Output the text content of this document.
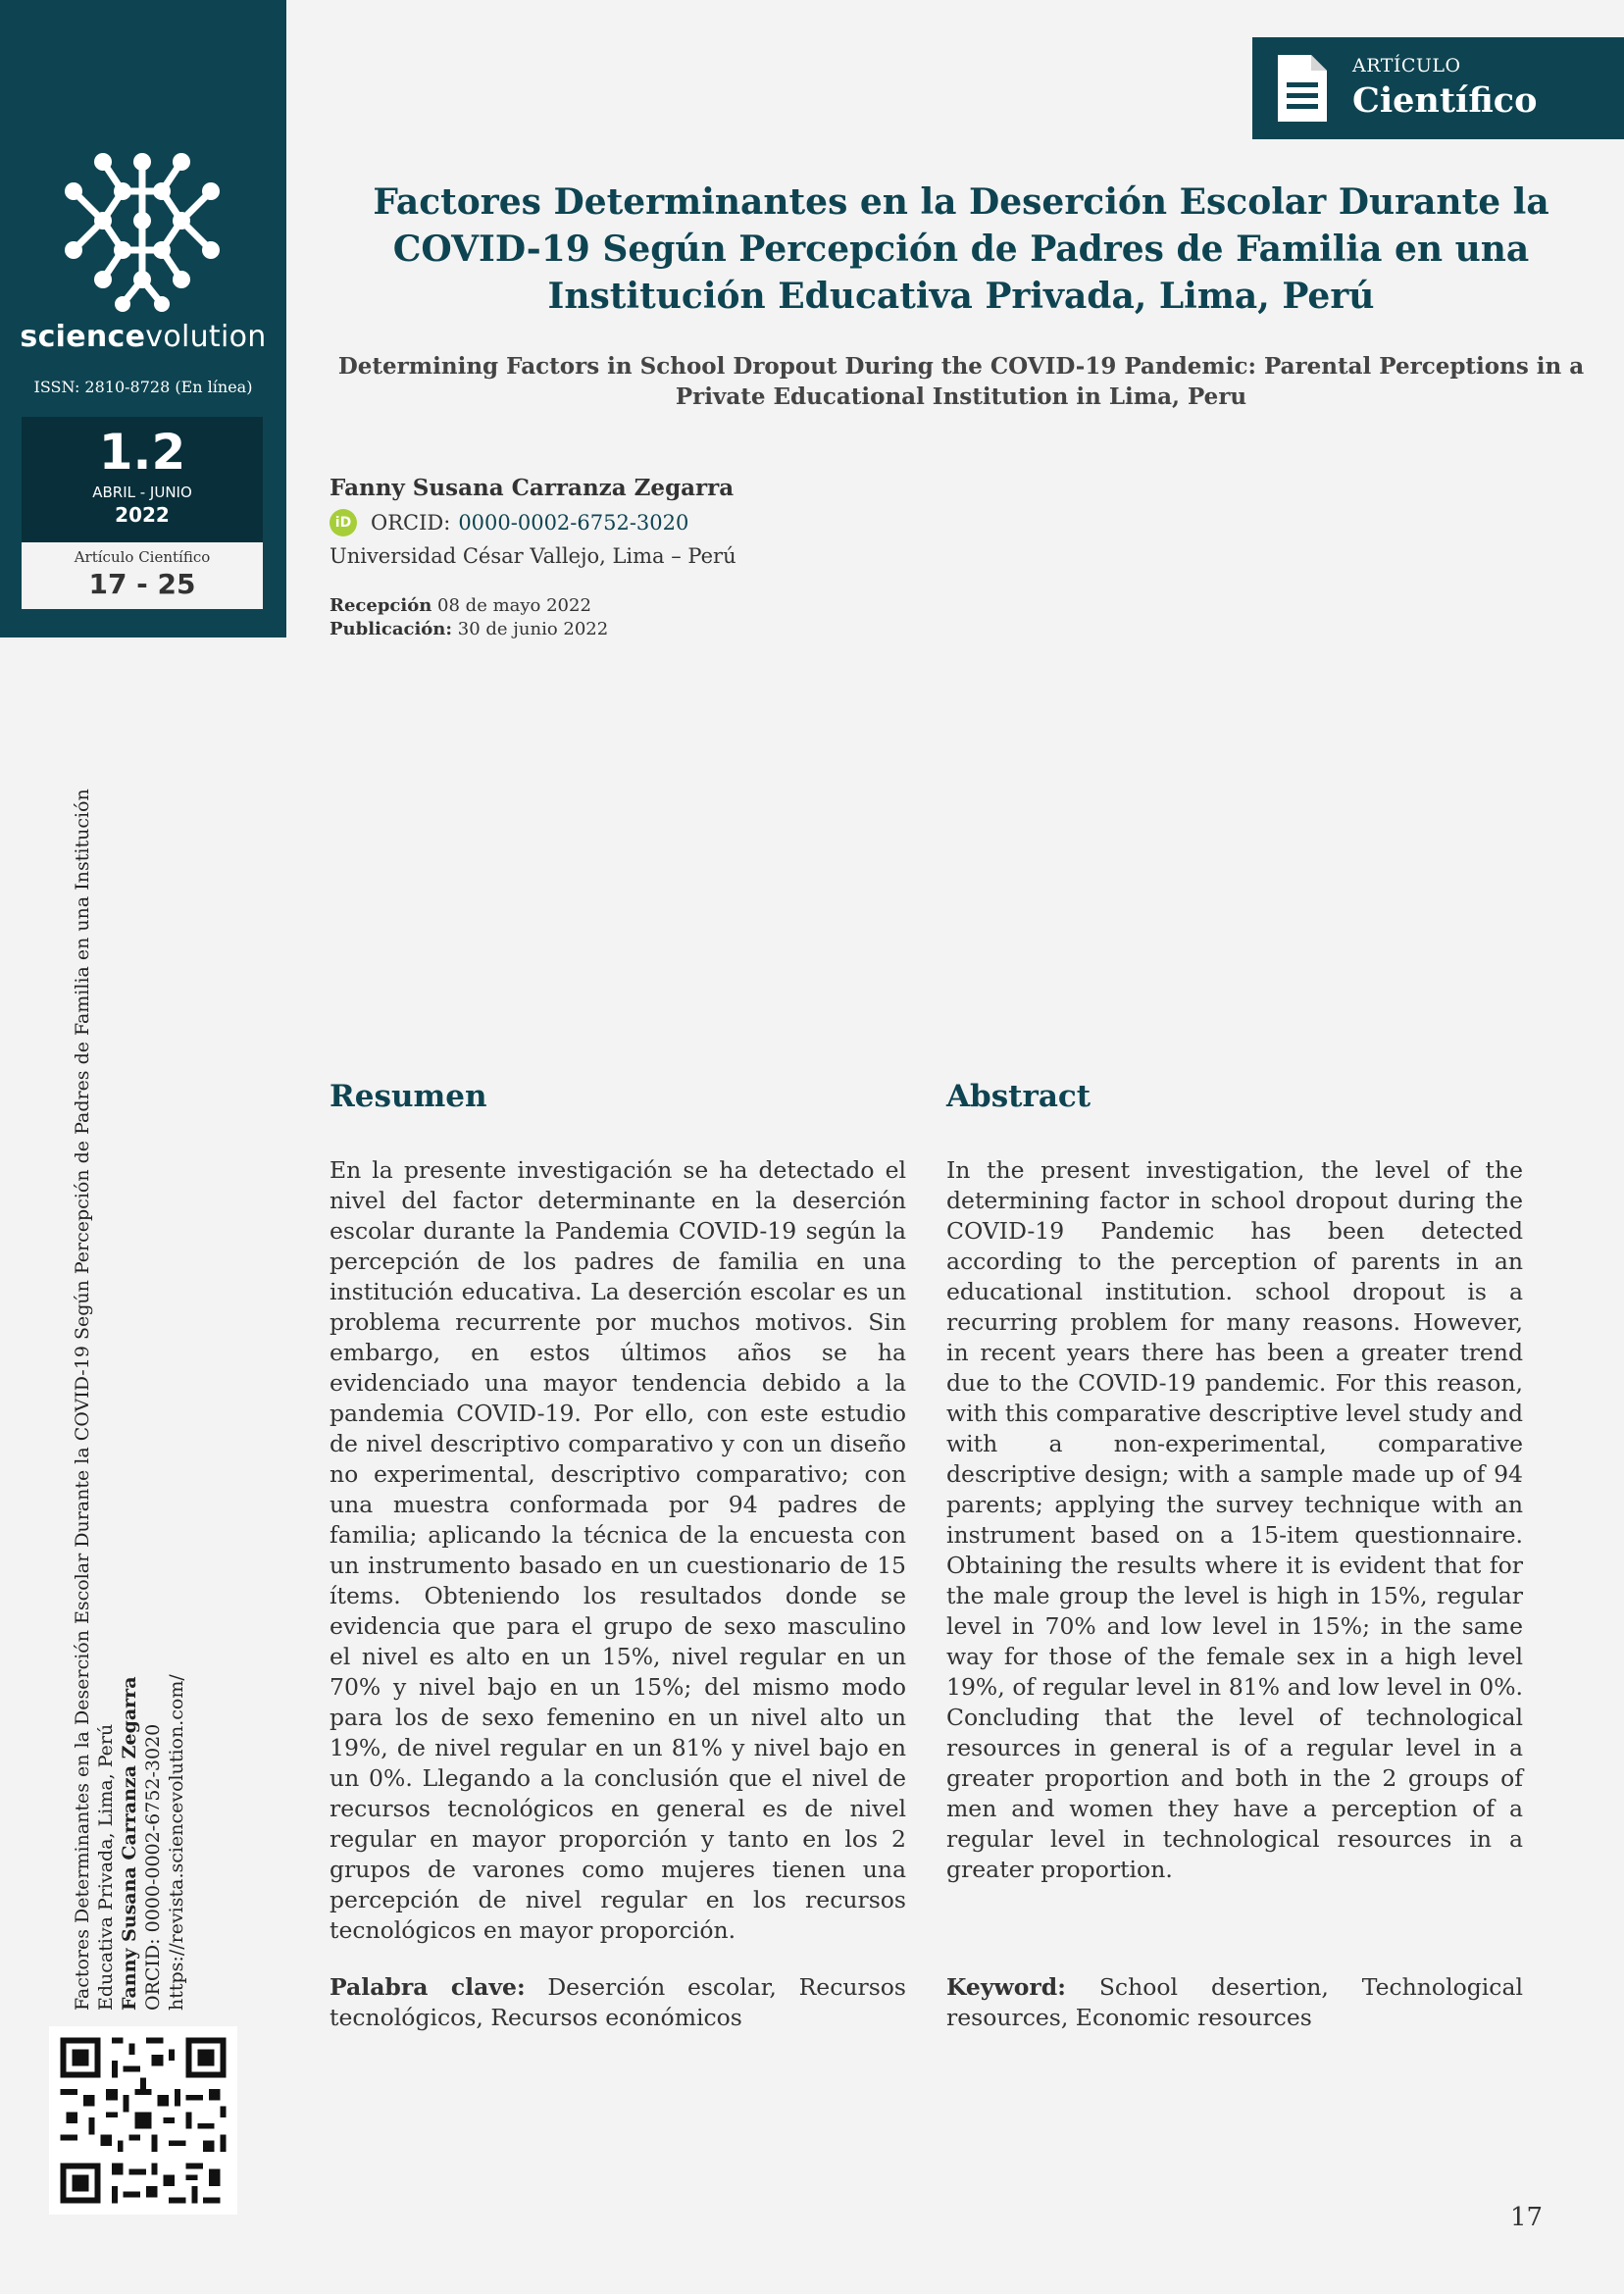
sciencevolution
ISSN: 2810-8728 (En línea)
1.2
ABRIL - JUNIO
2022
Artículo Científico
17 - 25
ARTÍCULO
Científico
Factores Determinantes en la Deserción Escolar Durante la COVID-19 Según Percepción de Padres de Familia en una Institución Educativa Privada, Lima, Perú
Determining Factors in School Dropout During the COVID-19 Pandemic: Parental Perceptions in a Private Educational Institution in Lima, Peru
Fanny Susana Carranza Zegarra
iD ORCID: 0000-0002-6752-3020
Universidad César Vallejo, Lima – Perú
Recepción 08 de mayo 2022
Publicación: 30 de junio 2022
Resumen

En la presente investigación se ha detectado el nivel del factor determinante en la deserción escolar durante la Pandemia COVID-19 según la percepción de los padres de familia en una institución educativa. La deserción escolar es un problema recurrente por muchos motivos. Sin embargo, en estos últimos años se ha evidenciado una mayor tendencia debido a la pandemia COVID-19. Por ello, con este estudio de nivel descriptivo comparativo y con un diseño no experimental, descriptivo comparativo; con una muestra conformada por 94 padres de familia; aplicando la técnica de la encuesta con un instrumento basado en un cuestionario de 15 ítems. Obteniendo los resultados donde se evidencia que para el grupo de sexo masculino el nivel es alto en un 15%, nivel regular en un 70% y nivel bajo en un 15%; del mismo modo para los de sexo femenino en un nivel alto un 19%, de nivel regular en un 81% y nivel bajo en un 0%. Llegando a la conclusión que el nivel de recursos tecnológicos en general es de nivel regular en mayor proporción y tanto en los 2 grupos de varones como mujeres tienen una percepción de nivel regular en los recursos tecnológicos en mayor proporción.

Palabra clave: Deserción escolar, Recursos tecnológicos, Recursos económicos

Abstract

In the present investigation, the level of the determining factor in school dropout during the COVID-19 Pandemic has been detected according to the perception of parents in an educational institution. school dropout is a recurring problem for many reasons. However, in recent years there has been a greater trend due to the COVID-19 pandemic. For this reason, with this comparative descriptive level study and with a non-experimental, comparative descriptive design; with a sample made up of 94 parents; applying the survey technique with an instrument based on a 15-item questionnaire. Obtaining the results where it is evident that for the male group the level is high in 15%, regular level in 70% and low level in 15%; in the same way for those of the female sex in a high level 19%, of regular level in 81% and low level in 0%. Concluding that the level of technological resources in general is of a regular level in a greater proportion and both in the 2 groups of men and women they have a perception of a regular level in technological resources in a greater proportion.

Keyword: School desertion, Technological resources, Economic resources

Factores Determinantes en la Deserción Escolar Durante la COVID-19 Según Percepción de Padres de Familia en una Institución Educativa Privada, Lima, Perú Fanny Susana Carranza Zegarra ORCID: 0000-0002-6752-3020 https://revista.sciencevolution.com/
17
